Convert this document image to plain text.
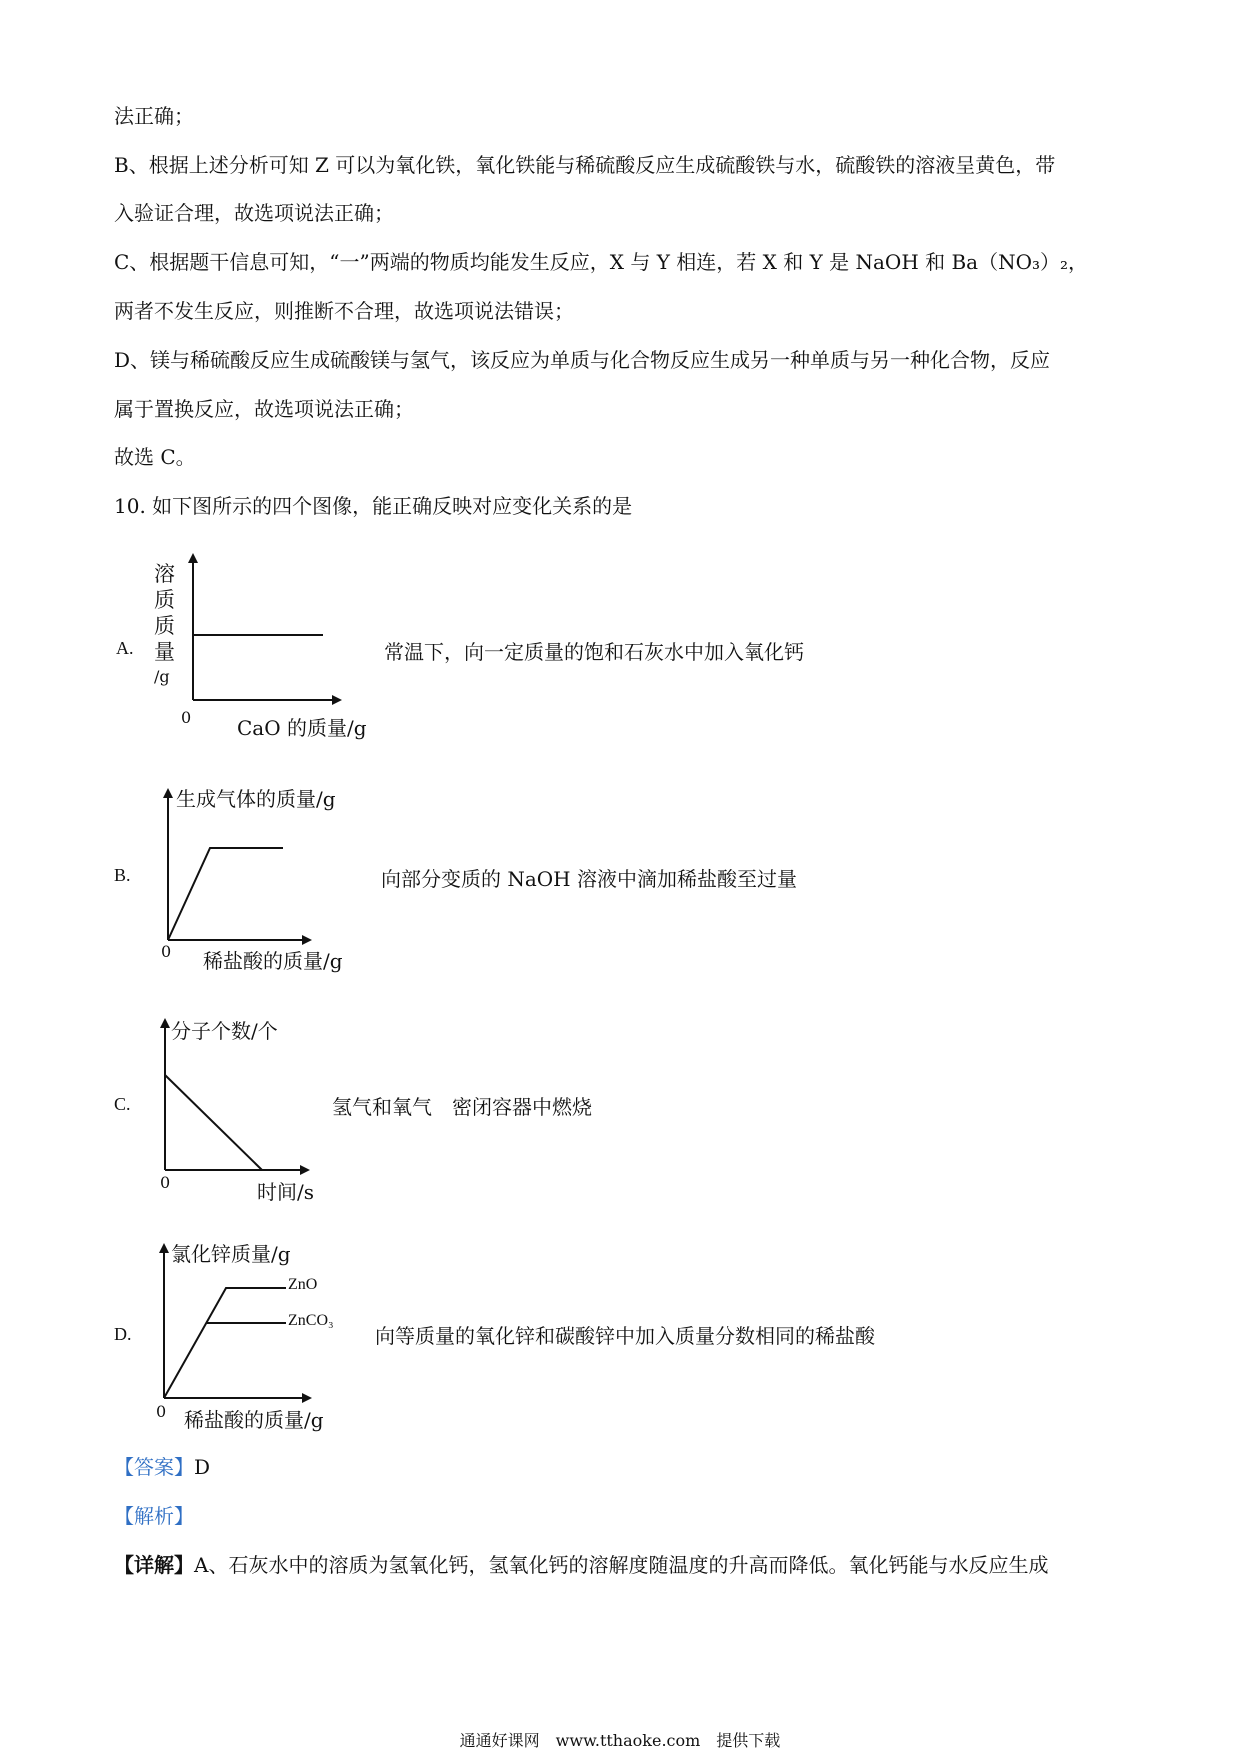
法正确；
B、根据上述分析可知 Z 可以为氧化铁，氧化铁能与稀硫酸反应生成硫酸铁与水，硫酸铁的溶液呈黄色，带
入验证合理，故选项说法正确；
C、根据题干信息可知，“一”两端的物质均能发生反应，X 与 Y 相连，若 X 和 Y 是 NaOH 和 Ba（NO₃）₂，
两者不发生反应，则推断不合理，故选项说法错误；
D、镁与稀硫酸反应生成硫酸镁与氢气，该反应为单质与化合物反应生成另一种单质与另一种化合物，反应
属于置换反应，故选项说法正确；
故选 C。
10. 如下图所示的四个图像，能正确反映对应变化关系的是
A.
溶
质
质
量
/g
0 CaO 的质量/g
常温下，向一定质量的饱和石灰水中加入氧化钙
B.
生成气体的质量/g
0 稀盐酸的质量/g
向部分变质的 NaOH 溶液中滴加稀盐酸至过量
C.
分子个数/个
0	时间/s
氢气和氧气　密闭容器中燃烧
D.
氯化锌质量/g
ZnO
ZnCO₃
0 稀盐酸的质量/g
向等质量的氧化锌和碳酸锌中加入质量分数相同的稀盐酸
【答案】D
【解析】
【详解】A、石灰水中的溶质为氢氧化钙，氢氧化钙的溶解度随温度的升高而降低。氧化钙能与水反应生成
通通好课网　www.tthaoke.com　提供下载
